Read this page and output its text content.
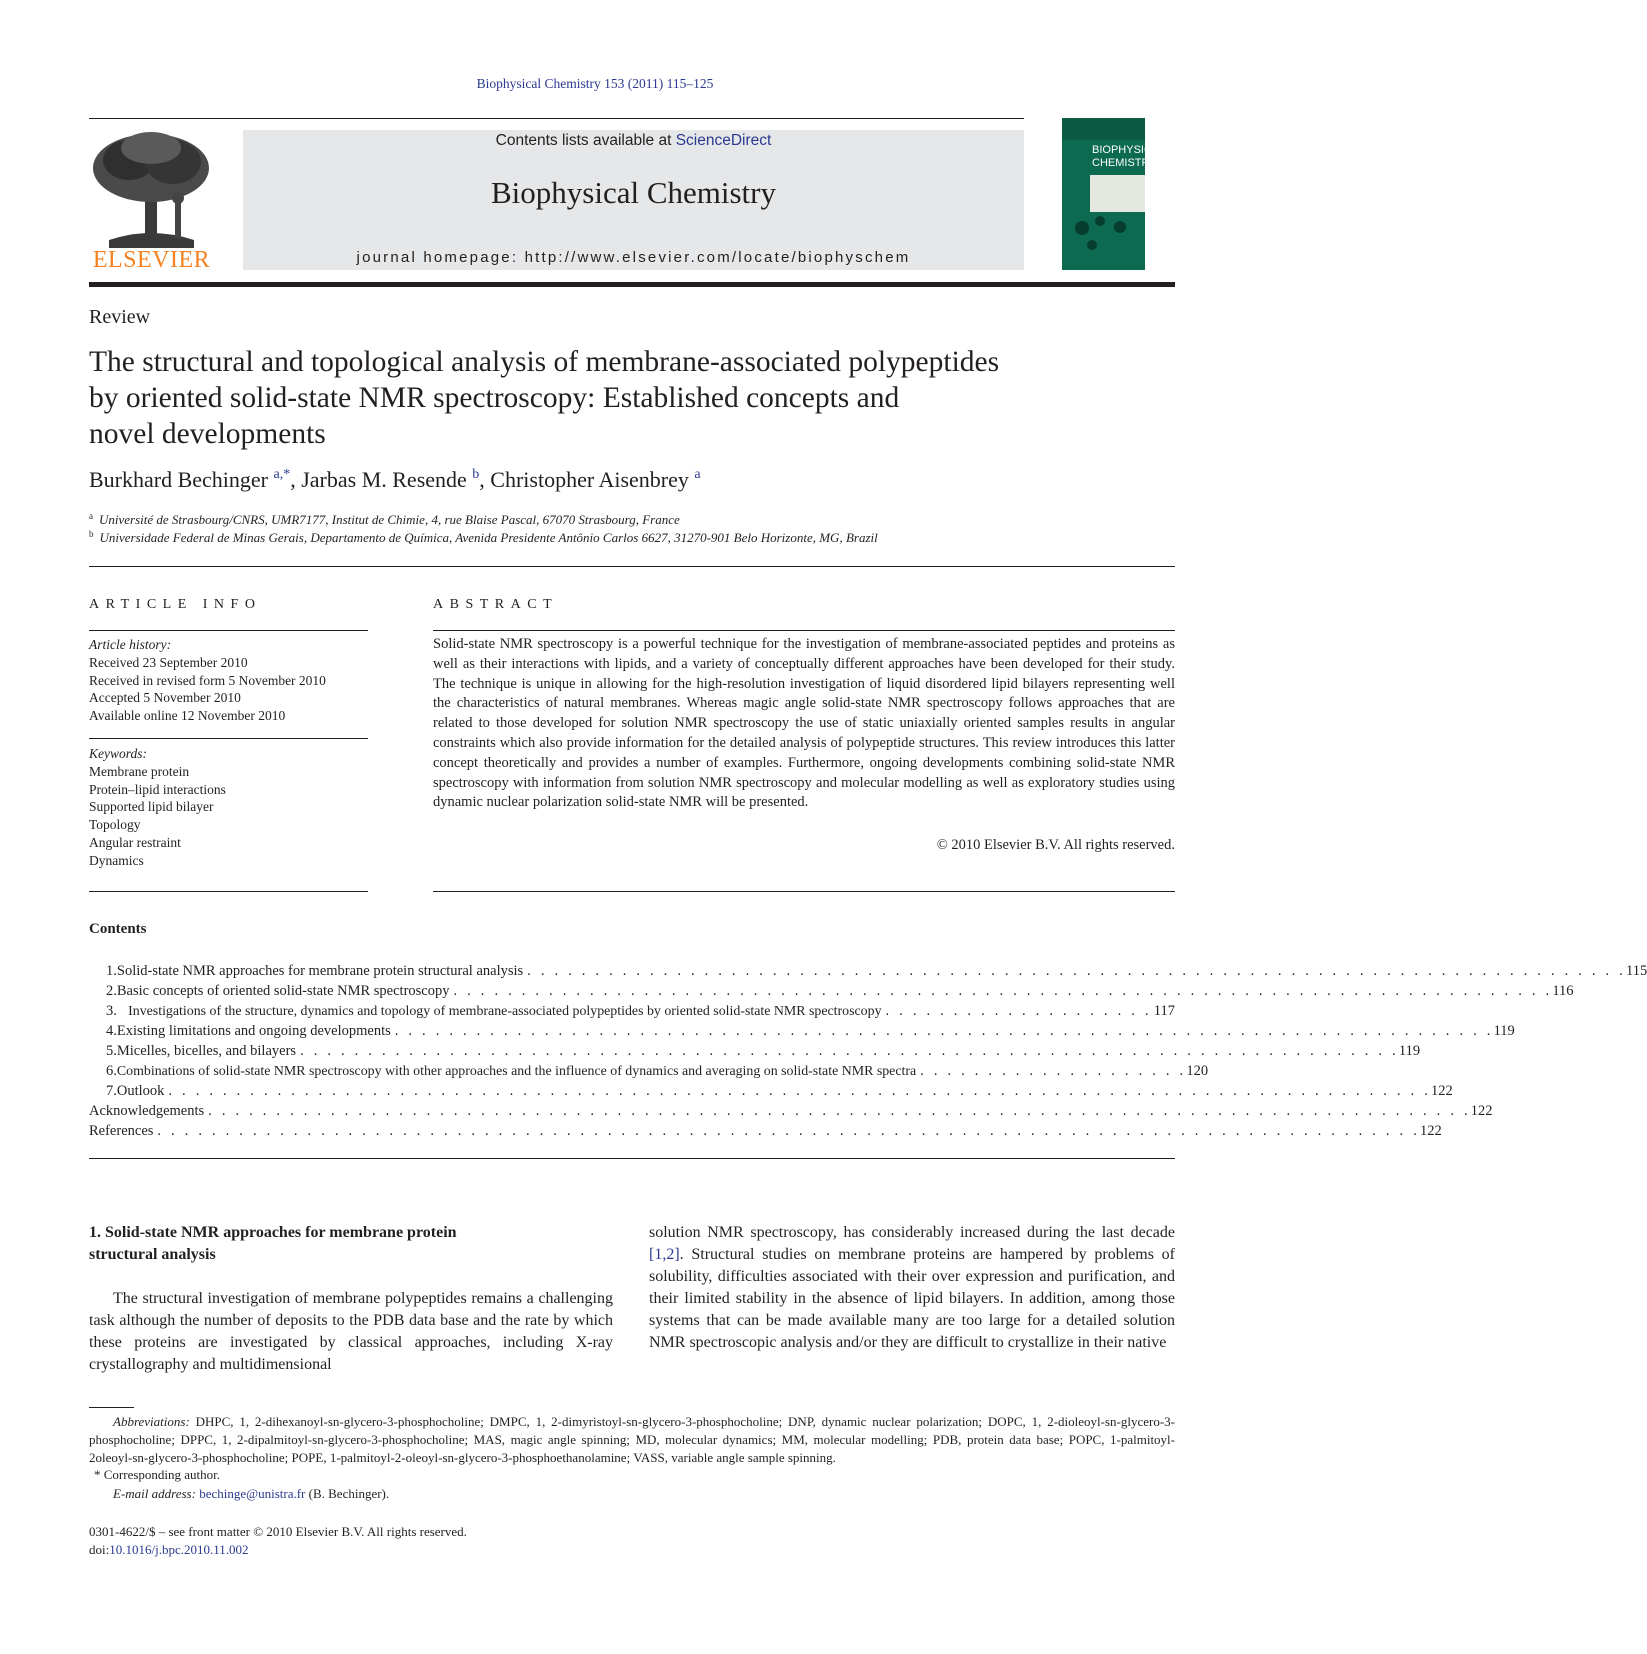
Biophysical Chemistry 153 (2011) 115–125
ELSEVIER
Contents lists available at ScienceDirect
Biophysical Chemistry
journal homepage: http://www.elsevier.com/locate/biophyschem
BIOPHYSICAL
CHEMISTRY
Review
The structural and topological analysis of membrane-associated polypeptides
by oriented solid-state NMR spectroscopy: Established concepts and
novel developments
Burkhard Bechinger $^{a,*}$, Jarbas M. Resende $^b$, Christopher Aisenbrey $^a$
$^a$ Université de Strasbourg/CNRS, UMR7177, Institut de Chimie, 4, rue Blaise Pascal, 67070 Strasbourg, France
$^b$ Universidade Federal de Minas Gerais, Departamento de Química, Avenida Presidente Antônio Carlos 6627, 31270-901 Belo Horizonte, MG, Brazil
ARTICLE INFO
Article history:
Received 23 September 2010
Received in revised form 5 November 2010
Accepted 5 November 2010
Available online 12 November 2010
Keywords:
Membrane protein
Protein–lipid interactions
Supported lipid bilayer
Topology
Angular restraint
Dynamics
ABSTRACT
Solid-state NMR spectroscopy is a powerful technique for the investigation of membrane-associated peptides and proteins as well as their interactions with lipids, and a variety of conceptually different approaches have been developed for their study. The technique is unique in allowing for the high-resolution investigation of liquid disordered lipid bilayers representing well the characteristics of natural membranes. Whereas magic angle solid-state NMR spectroscopy follows approaches that are related to those developed for solution NMR spectroscopy the use of static uniaxially oriented samples results in angular constraints which also provide information for the detailed analysis of polypeptide structures. This review introduces this latter concept theoretically and provides a number of examples. Furthermore, ongoing developments combining solid-state NMR spectroscopy with information from solution NMR spectroscopy and molecular modelling as well as exploratory studies using dynamic nuclear polarization solid-state NMR will be presented.
© 2010 Elsevier B.V. All rights reserved.
Contents
1. Solid-state NMR approaches for membrane protein structural analysis . . . . . . . . . . . . . . . . . . . . . . . . . . . . . . . . . . . . . . . . . . . . . . . . . . . . . . . . . . . . . . . . . . . . . . . . . . . . . . . . . 115
2. Basic concepts of oriented solid-state NMR spectroscopy . . . . . . . . . . . . . . . . . . . . . . . . . . . . . . . . . . . . . . . . . . . . . . . . . . . . . . . . . . . . . . . . . . . . . . . . . . . . . . . . . 116
3. Investigations of the structure, dynamics and topology of membrane-associated polypeptides by oriented solid-state NMR spectroscopy . . . . . . . . . . . . . . . . . . . . 117
4. Existing limitations and ongoing developments . . . . . . . . . . . . . . . . . . . . . . . . . . . . . . . . . . . . . . . . . . . . . . . . . . . . . . . . . . . . . . . . . . . . . . . . . . . . . . . . . 119
5. Micelles, bicelles, and bilayers . . . . . . . . . . . . . . . . . . . . . . . . . . . . . . . . . . . . . . . . . . . . . . . . . . . . . . . . . . . . . . . . . . . . . . . . . . . . . . . . . 119
6. Combinations of solid-state NMR spectroscopy with other approaches and the influence of dynamics and averaging on solid-state NMR spectra . . . . . . . . . . . . . . . . . . . . 120
7. Outlook . . . . . . . . . . . . . . . . . . . . . . . . . . . . . . . . . . . . . . . . . . . . . . . . . . . . . . . . . . . . . . . . . . . . . . . . . . . . . . . . . . . . . . . . . . . . . 122
Acknowledgements . . . . . . . . . . . . . . . . . . . . . . . . . . . . . . . . . . . . . . . . . . . . . . . . . . . . . . . . . . . . . . . . . . . . . . . . . . . . . . . . . . . . . . . . . . . . . 122
References . . . . . . . . . . . . . . . . . . . . . . . . . . . . . . . . . . . . . . . . . . . . . . . . . . . . . . . . . . . . . . . . . . . . . . . . . . . . . . . . . . . . . . . . . . . . . 122
1. Solid-state NMR approaches for membrane protein
structural analysis
The structural investigation of membrane polypeptides remains a challenging task although the number of deposits to the PDB data base and the rate by which these proteins are investigated by classical approaches, including X-ray crystallography and multidimensional
solution NMR spectroscopy, has considerably increased during the last decade [1,2]. Structural studies on membrane proteins are hampered by problems of solubility, difficulties associated with their over expression and purification, and their limited stability in the absence of lipid bilayers. In addition, among those systems that can be made available many are too large for a detailed solution NMR spectroscopic analysis and/or they are difficult to crystallize in their native
Abbreviations: DHPC, 1, 2-dihexanoyl-sn-glycero-3-phosphocholine; DMPC, 1, 2-dimyristoyl-sn-glycero-3-phosphocholine; DNP, dynamic nuclear polarization; DOPC, 1, 2-dioleoyl-sn-glycero-3-phosphocholine; DPPC, 1, 2-dipalmitoyl-sn-glycero-3-phosphocholine; MAS, magic angle spinning; MD, molecular dynamics; MM, molecular modelling; PDB, protein data base; POPC, 1-palmitoyl-2oleoyl-sn-glycero-3-phosphocholine; POPE, 1-palmitoyl-2-oleoyl-sn-glycero-3-phosphoethanolamine; VASS, variable angle sample spinning.
* Corresponding author.
E-mail address: bechinge@unistra.fr (B. Bechinger).
0301-4622/$ – see front matter © 2010 Elsevier B.V. All rights reserved.
doi:10.1016/j.bpc.2010.11.002
